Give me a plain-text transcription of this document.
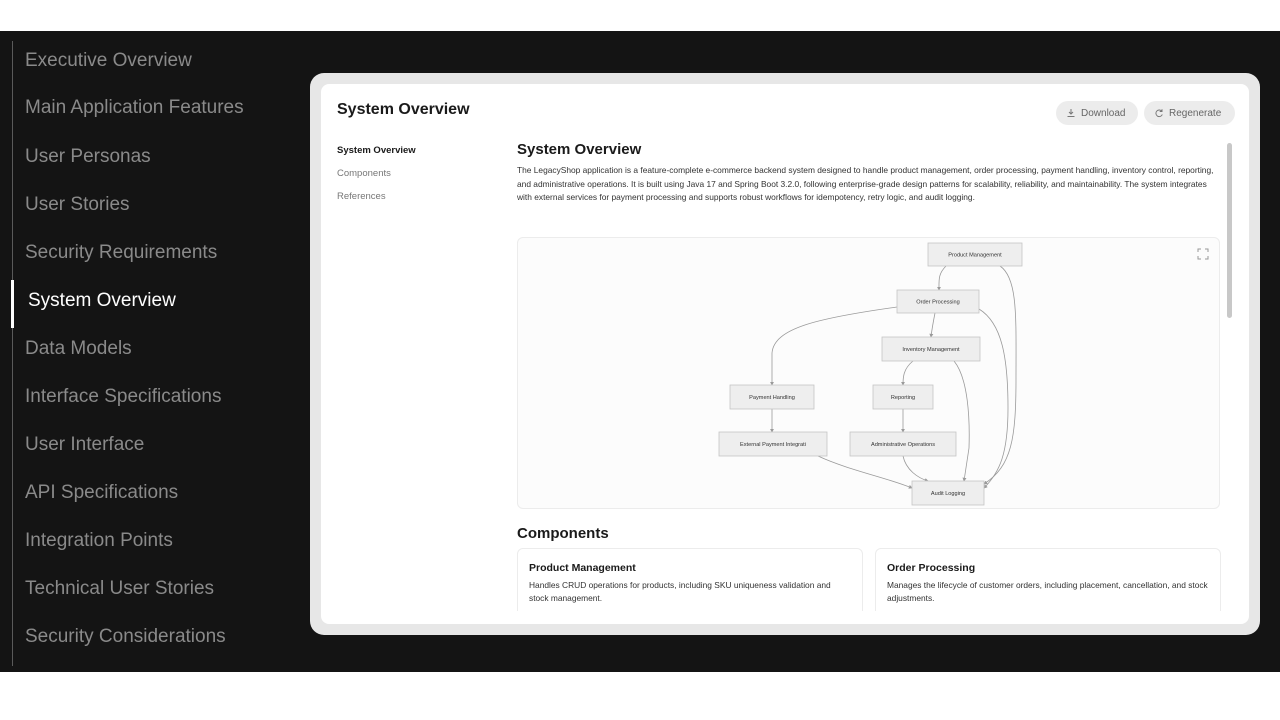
Executive Overview
Main Application Features
User Personas
User Stories
Security Requirements
System Overview
Data Models
Interface Specifications
User Interface
API Specifications
Integration Points
Technical User Stories
Security Considerations
System Overview	Download	Regenerate
System Overview
Components
References
System Overview

The LegacyShop application is a feature-complete e-commerce backend system designed to handle product management, order processing, payment handling, inventory control, reporting, and administrative operations. It is built using Java 17 and Spring Boot 3.2.0, following enterprise-grade design patterns for scalability, reliability, and maintainability. The system integrates with external services for payment processing and supports robust workflows for idempotency, retry logic, and audit logging.

Product Management
Order Processing
Inventory Management
Payment Handling	Reporting
External Payment Integrati	Administrative Operations
Audit Logging
Components
Product Management
Handles CRUD operations for products, including SKU uniqueness validation and stock management.
Order Processing
Manages the lifecycle of customer orders, including placement, cancellation, and stock adjustments.
